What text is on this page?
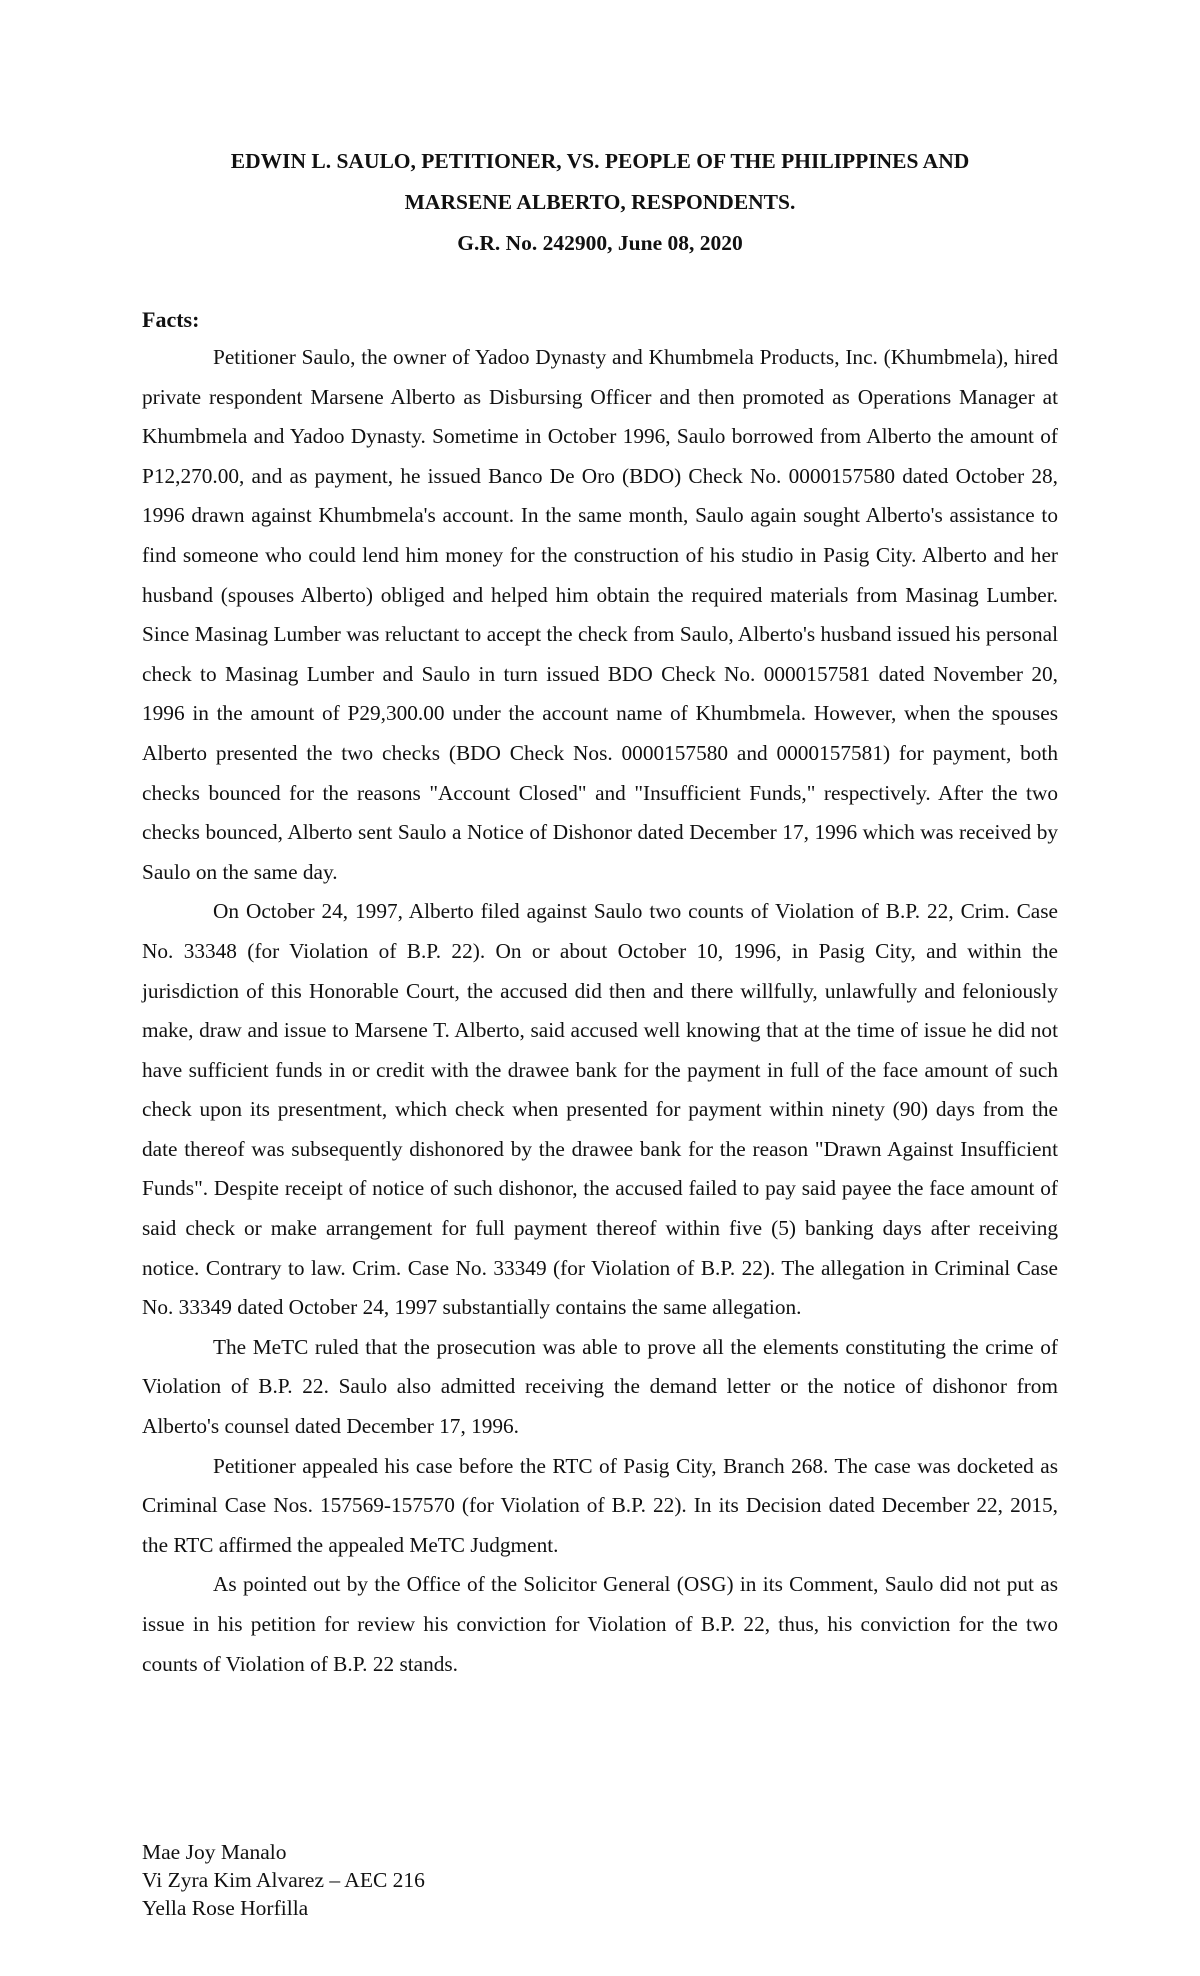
EDWIN L. SAULO, PETITIONER, VS. PEOPLE OF THE PHILIPPINES AND
MARSENE ALBERTO, RESPONDENTS.
G.R. No. 242900, June 08, 2020
Facts:

Petitioner Saulo, the owner of Yadoo Dynasty and Khumbmela Products, Inc. (Khumbmela), hired private respondent Marsene Alberto as Disbursing Officer and then promoted as Operations Manager at Khumbmela and Yadoo Dynasty. Sometime in October 1996, Saulo borrowed from Alberto the amount of P12,270.00, and as payment, he issued Banco De Oro (BDO) Check No. 0000157580 dated October 28, 1996 drawn against Khumbmela's account. In the same month, Saulo again sought Alberto's assistance to find someone who could lend him money for the construction of his studio in Pasig City. Alberto and her husband (spouses Alberto) obliged and helped him obtain the required materials from Masinag Lumber. Since Masinag Lumber was reluctant to accept the check from Saulo, Alberto's husband issued his personal check to Masinag Lumber and Saulo in turn issued BDO Check No. 0000157581 dated November 20, 1996 in the amount of P29,300.00 under the account name of Khumbmela. However, when the spouses Alberto presented the two checks (BDO Check Nos. 0000157580 and 0000157581) for payment, both checks bounced for the reasons "Account Closed" and "Insufficient Funds," respectively. After the two checks bounced, Alberto sent Saulo a Notice of Dishonor dated December 17, 1996 which was received by Saulo on the same day.

On October 24, 1997, Alberto filed against Saulo two counts of Violation of B.P. 22, Crim. Case No. 33348 (for Violation of B.P. 22). On or about October 10, 1996, in Pasig City, and within the jurisdiction of this Honorable Court, the accused did then and there willfully, unlawfully and feloniously make, draw and issue to Marsene T. Alberto, said accused well knowing that at the time of issue he did not have sufficient funds in or credit with the drawee bank for the payment in full of the face amount of such check upon its presentment, which check when presented for payment within ninety (90) days from the date thereof was subsequently dishonored by the drawee bank for the reason "Drawn Against Insufficient Funds". Despite receipt of notice of such dishonor, the accused failed to pay said payee the face amount of said check or make arrangement for full payment thereof within five (5) banking days after receiving notice. Contrary to law. Crim. Case No. 33349 (for Violation of B.P. 22). The allegation in Criminal Case No. 33349 dated October 24, 1997 substantially contains the same allegation.

The MeTC ruled that the prosecution was able to prove all the elements constituting the crime of Violation of B.P. 22. Saulo also admitted receiving the demand letter or the notice of dishonor from Alberto's counsel dated December 17, 1996.

Petitioner appealed his case before the RTC of Pasig City, Branch 268. The case was docketed as Criminal Case Nos. 157569-157570 (for Violation of B.P. 22). In its Decision dated December 22, 2015, the RTC affirmed the appealed MeTC Judgment.

As pointed out by the Office of the Solicitor General (OSG) in its Comment, Saulo did not put as issue in his petition for review his conviction for Violation of B.P. 22, thus, his conviction for the two counts of Violation of B.P. 22 stands.

Mae Joy Manalo
Vi Zyra Kim Alvarez – AEC 216
Yella Rose Horfilla
